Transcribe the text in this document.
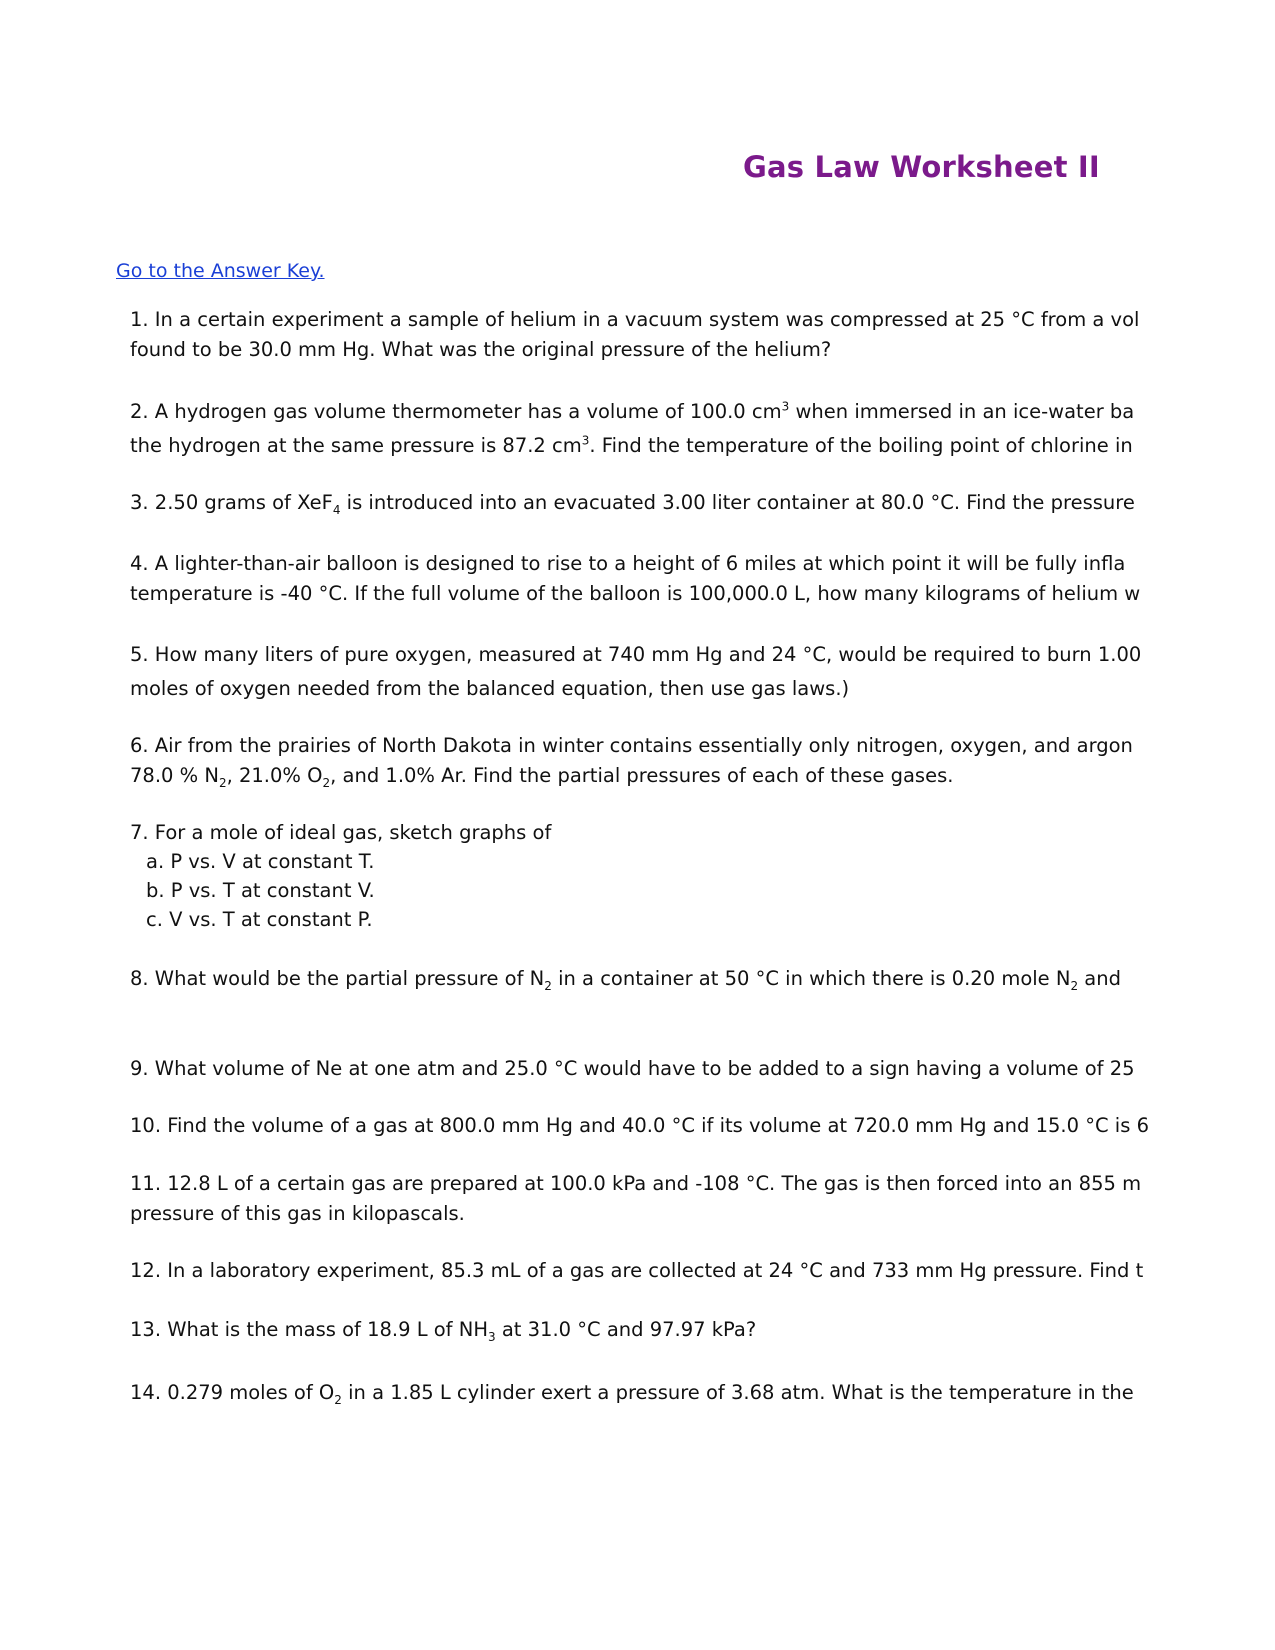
Gas Law Worksheet II
Go to the Answer Key.
1. In a certain experiment a sample of helium in a vacuum system was compressed at 25 °C from a vol
found to be 30.0 mm Hg. What was the original pressure of the helium?
2. A hydrogen gas volume thermometer has a volume of 100.0 $cm^3$ when immersed in an ice-water ba
the hydrogen at the same pressure is 87.2 $cm^3$. Find the temperature of the boiling point of chlorine in
3. 2.50 grams of XeF$_4$ is introduced into an evacuated 3.00 liter container at 80.0 °C. Find the pressure
4. A lighter-than-air balloon is designed to rise to a height of 6 miles at which point it will be fully infla
temperature is -40 °C. If the full volume of the balloon is 100,000.0 L, how many kilograms of helium w
5. How many liters of pure oxygen, measured at 740 mm Hg and 24 °C, would be required to burn 1.00
moles of oxygen needed from the balanced equation, then use gas laws.)
6. Air from the prairies of North Dakota in winter contains essentially only nitrogen, oxygen, and argon
78.0 % $N_2$, 21.0% $O_2$, and 1.0% Ar. Find the partial pressures of each of these gases.
7. For a mole of ideal gas, sketch graphs of
a. P vs. V at constant T.
b. P vs. T at constant V.
c. V vs. T at constant P.
8. What would be the partial pressure of $N_2$ in a container at 50 °C in which there is 0.20 mole $N_2$ and
9. What volume of Ne at one atm and 25.0 °C would have to be added to a sign having a volume of 25
10. Find the volume of a gas at 800.0 mm Hg and 40.0 °C if its volume at 720.0 mm Hg and 15.0 °C is 6
11. 12.8 L of a certain gas are prepared at 100.0 kPa and -108 °C. The gas is then forced into an 855 m
pressure of this gas in kilopascals.
12. In a laboratory experiment, 85.3 mL of a gas are collected at 24 °C and 733 mm Hg pressure. Find t
13. What is the mass of 18.9 L of $NH_3$ at 31.0 °C and 97.97 kPa?
14. 0.279 moles of $O_2$ in a 1.85 L cylinder exert a pressure of 3.68 atm. What is the temperature in the
